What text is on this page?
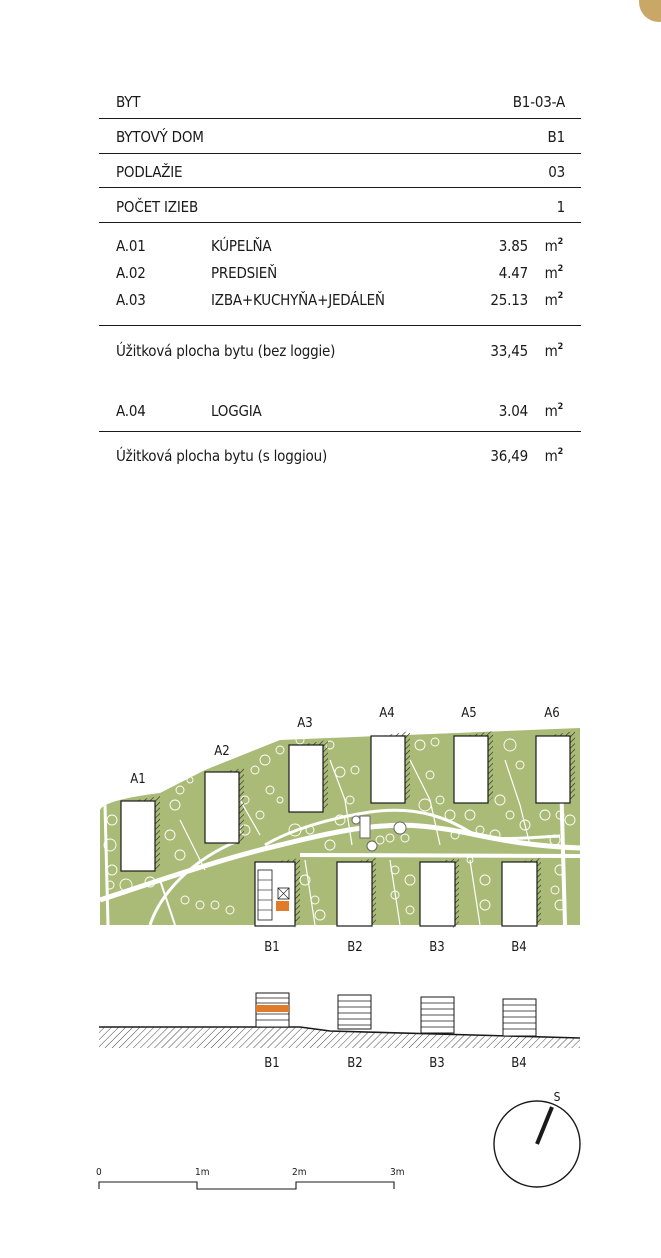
BYT	B1-03-A
BYTOVÝ DOM	B1
PODLAŽIE	03
POČET IZIEB	1
A.01	KÚPELŇA	3.85 $m^2$
A.02	PREDSIEŇ	4.47 $m^2$
A.03	IZBA+KUCHYŇA+JEDÁLEŇ	25.13 $m^2$
Úžitková plocha bytu (bez loggie)	33,45 $m^2$
A.04	LOGGIA	3.04 $m^2$
Úžitková plocha bytu (s loggiou)	36,49 $m^2$
A1
A2
A3
A4	A5	A6
B1	B2	B3	B4
B1	B2	B3	B4
S
0	1m	2m	3m
